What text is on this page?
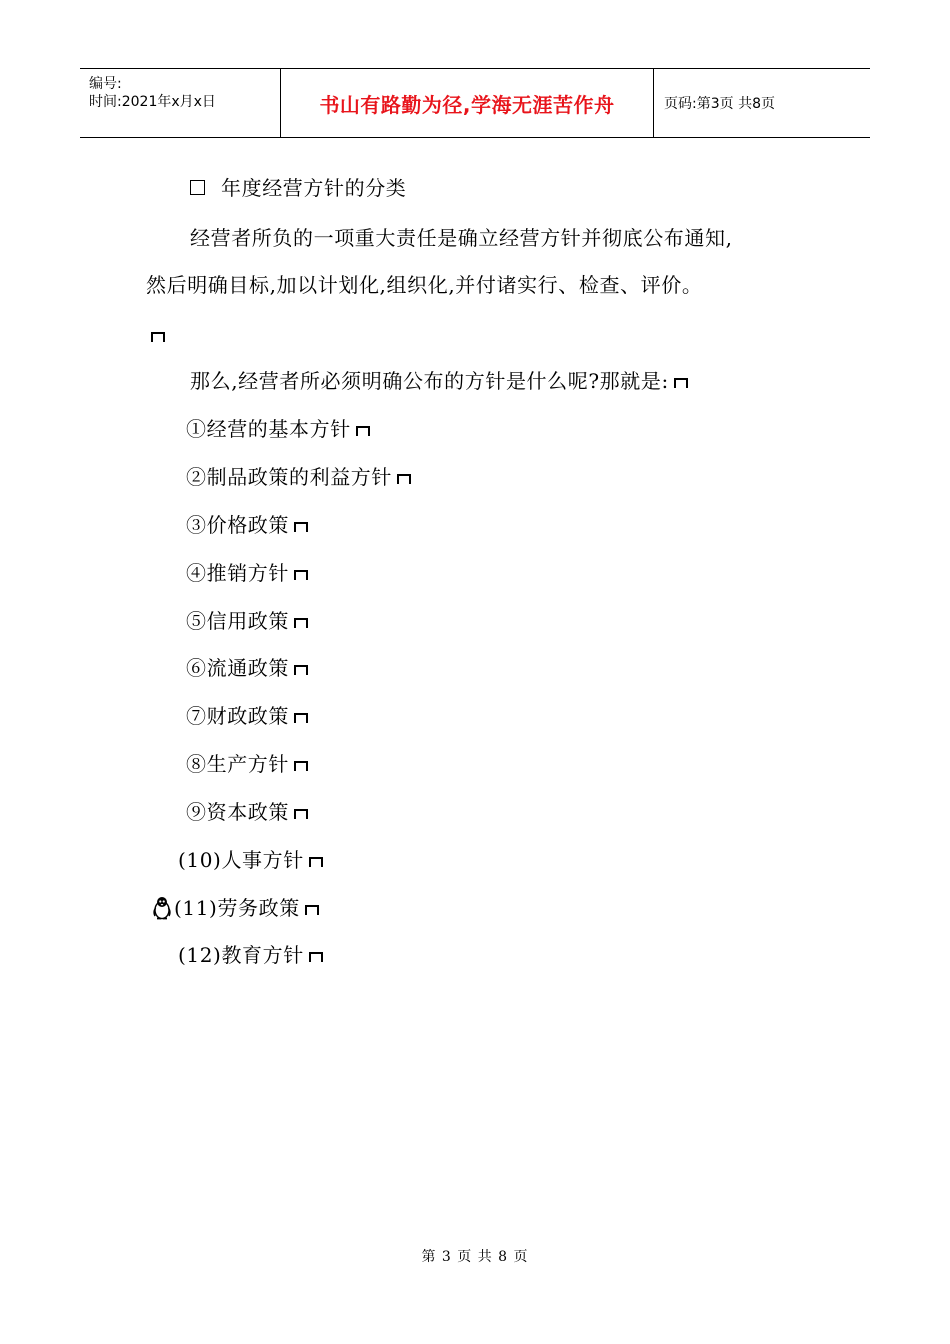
编号:
时间:2021年x月x日	书山有路勤为径,学海无涯苦作舟	页码:第3页 共8页
年度经营方针的分类
经营者所负的一项重大责任是确立经营方针并彻底公布通知,
然后明确目标,加以计划化,组织化,并付诸实行、检查、评价。
那么,经营者所必须明确公布的方针是什么呢?那就是:
①经营的基本方针
②制品政策的利益方针
③价格政策
④推销方针
⑤信用政策
⑥流通政策
⑦财政政策
⑧生产方针
⑨资本政策
(10)人事方针
(11)劳务政策
(12)教育方针
第 3 页 共 8 页
